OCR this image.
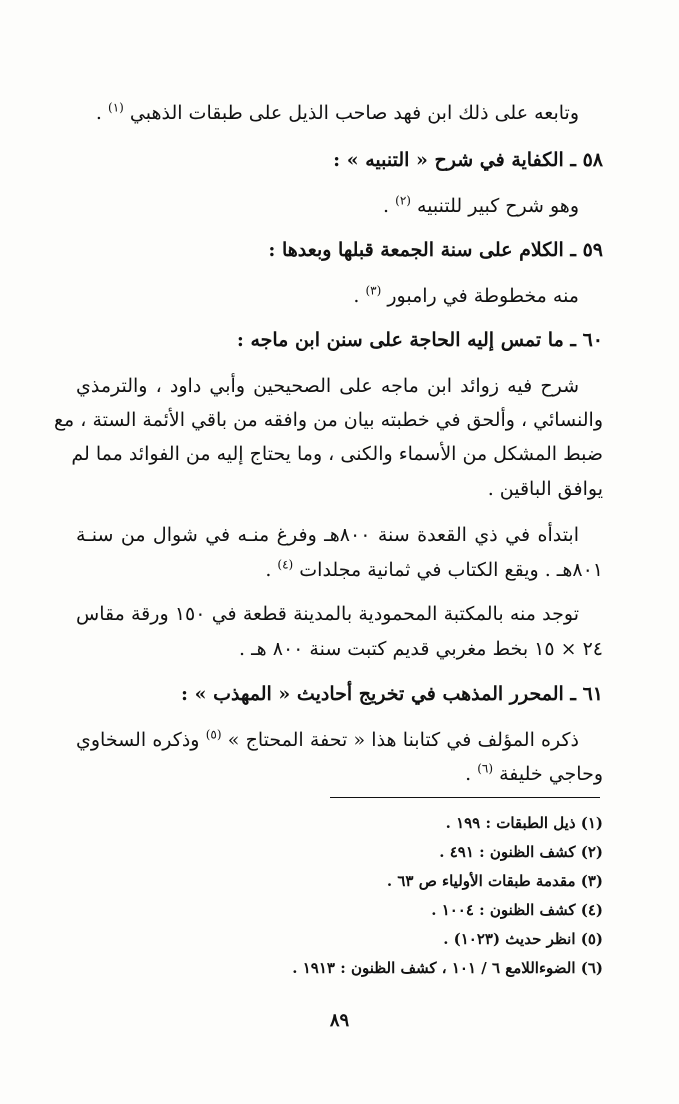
وتابعه على ذلك ابن فهد صاحب الذيل على طبقات الذهبي $^{(١)}$ .
٥٨ ـ الكفاية في شرح « التنبيه » :
وهو شرح كبير للتنبيه $^{(٢)}$ .
٥٩ ـ الكلام على سنة الجمعة قبلها وبعدها :
منه مخطوطة في رامبور $^{(٣)}$ .
٦٠ ـ ما تمس إليه الحاجة على سنن ابن ماجه :
شرح فيه زوائد ابن ماجه على الصحيحين وأبي داود ، والترمذي
والنسائي ، وألحق في خطبته بيان من وافقه من باقي الأئمة الستة ، مع
ضبط المشكل من الأسماء والكنى ، وما يحتاج إليه من الفوائد مما لم
يوافق الباقين .
ابتدأه في ذي القعدة سنة ٨٠٠هـ وفرغ منـه في شوال من سنـة
٨٠١هـ . ويقع الكتاب في ثمانية مجلدات $^{(٤)}$ .
توجد منه بالمكتبة المحمودية بالمدينة قطعة في ١٥٠ ورقة مقاس
٢٤ × ١٥ بخط مغربي قديم كتبت سنة ٨٠٠ هـ .
٦١ ـ المحرر المذهب في تخريج أحاديث « المهذب » :
ذكره المؤلف في كتابنا هذا « تحفة المحتاج » $^{(٥)}$ وذكره السخاوي
وحاجي خليفة $^{(٦)}$ .
(١) ذيل الطبقات : ١٩٩ .
(٢) كشف الظنون : ٤٩١ .
(٣) مقدمة طبقات الأولياء ص ٦٣ .
(٤) كشف الظنون : ١٠٠٤ .
(٥) انظر حديث (١٠٢٣) .
(٦) الضوءاللامع ٦ / ١٠١ ، كشف الظنون : ١٩١٣ .
٨٩
